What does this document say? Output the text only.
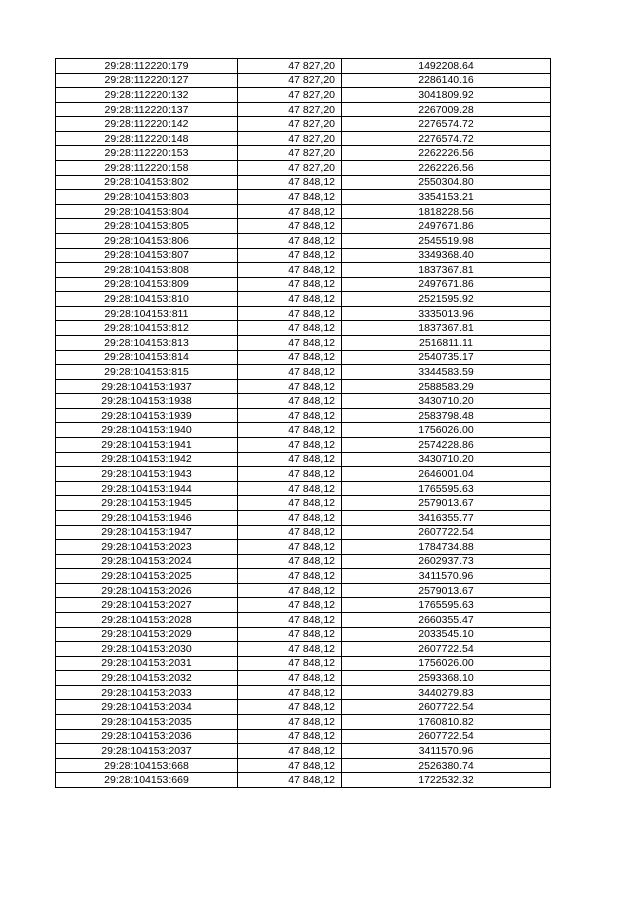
29:28:112220:179	47 827,20	1492208.64
29:28:112220:127	47 827,20	2286140.16
29:28:112220:132	47 827,20	3041809.92
29:28:112220:137	47 827,20	2267009.28
29:28:112220:142	47 827,20	2276574.72
29:28:112220:148	47 827,20	2276574.72
29:28:112220:153	47 827,20	2262226.56
29:28:112220:158	47 827,20	2262226.56
29:28:104153:802	47 848,12	2550304.80
29:28:104153:803	47 848,12	3354153.21
29:28:104153:804	47 848,12	1818228.56
29:28:104153:805	47 848,12	2497671.86
29:28:104153:806	47 848,12	2545519.98
29:28:104153:807	47 848,12	3349368.40
29:28:104153:808	47 848,12	1837367.81
29:28:104153:809	47 848,12	2497671.86
29:28:104153:810	47 848,12	2521595.92
29:28:104153:811	47 848,12	3335013.96
29:28:104153:812	47 848,12	1837367.81
29:28:104153:813	47 848,12	2516811.11
29:28:104153:814	47 848,12	2540735.17
29:28:104153:815	47 848,12	3344583.59
29:28:104153:1937	47 848,12	2588583.29
29:28:104153:1938	47 848,12	3430710.20
29:28:104153:1939	47 848,12	2583798.48
29:28:104153:1940	47 848,12	1756026.00
29:28:104153:1941	47 848,12	2574228.86
29:28:104153:1942	47 848,12	3430710.20
29:28:104153:1943	47 848,12	2646001.04
29:28:104153:1944	47 848,12	1765595.63
29:28:104153:1945	47 848,12	2579013.67
29:28:104153:1946	47 848,12	3416355.77
29:28:104153:1947	47 848,12	2607722.54
29:28:104153:2023	47 848,12	1784734.88
29:28:104153:2024	47 848,12	2602937.73
29:28:104153:2025	47 848,12	3411570.96
29:28:104153:2026	47 848,12	2579013.67
29:28:104153:2027	47 848,12	1765595.63
29:28:104153:2028	47 848,12	2660355.47
29:28:104153:2029	47 848,12	2033545.10
29:28:104153:2030	47 848,12	2607722.54
29:28:104153:2031	47 848,12	1756026.00
29:28:104153:2032	47 848,12	2593368.10
29:28:104153:2033	47 848,12	3440279.83
29:28:104153:2034	47 848,12	2607722.54
29:28:104153:2035	47 848,12	1760810.82
29:28:104153:2036	47 848,12	2607722.54
29:28:104153:2037	47 848,12	3411570.96
29:28:104153:668	47 848,12	2526380.74
29:28:104153:669	47 848,12	1722532.32
